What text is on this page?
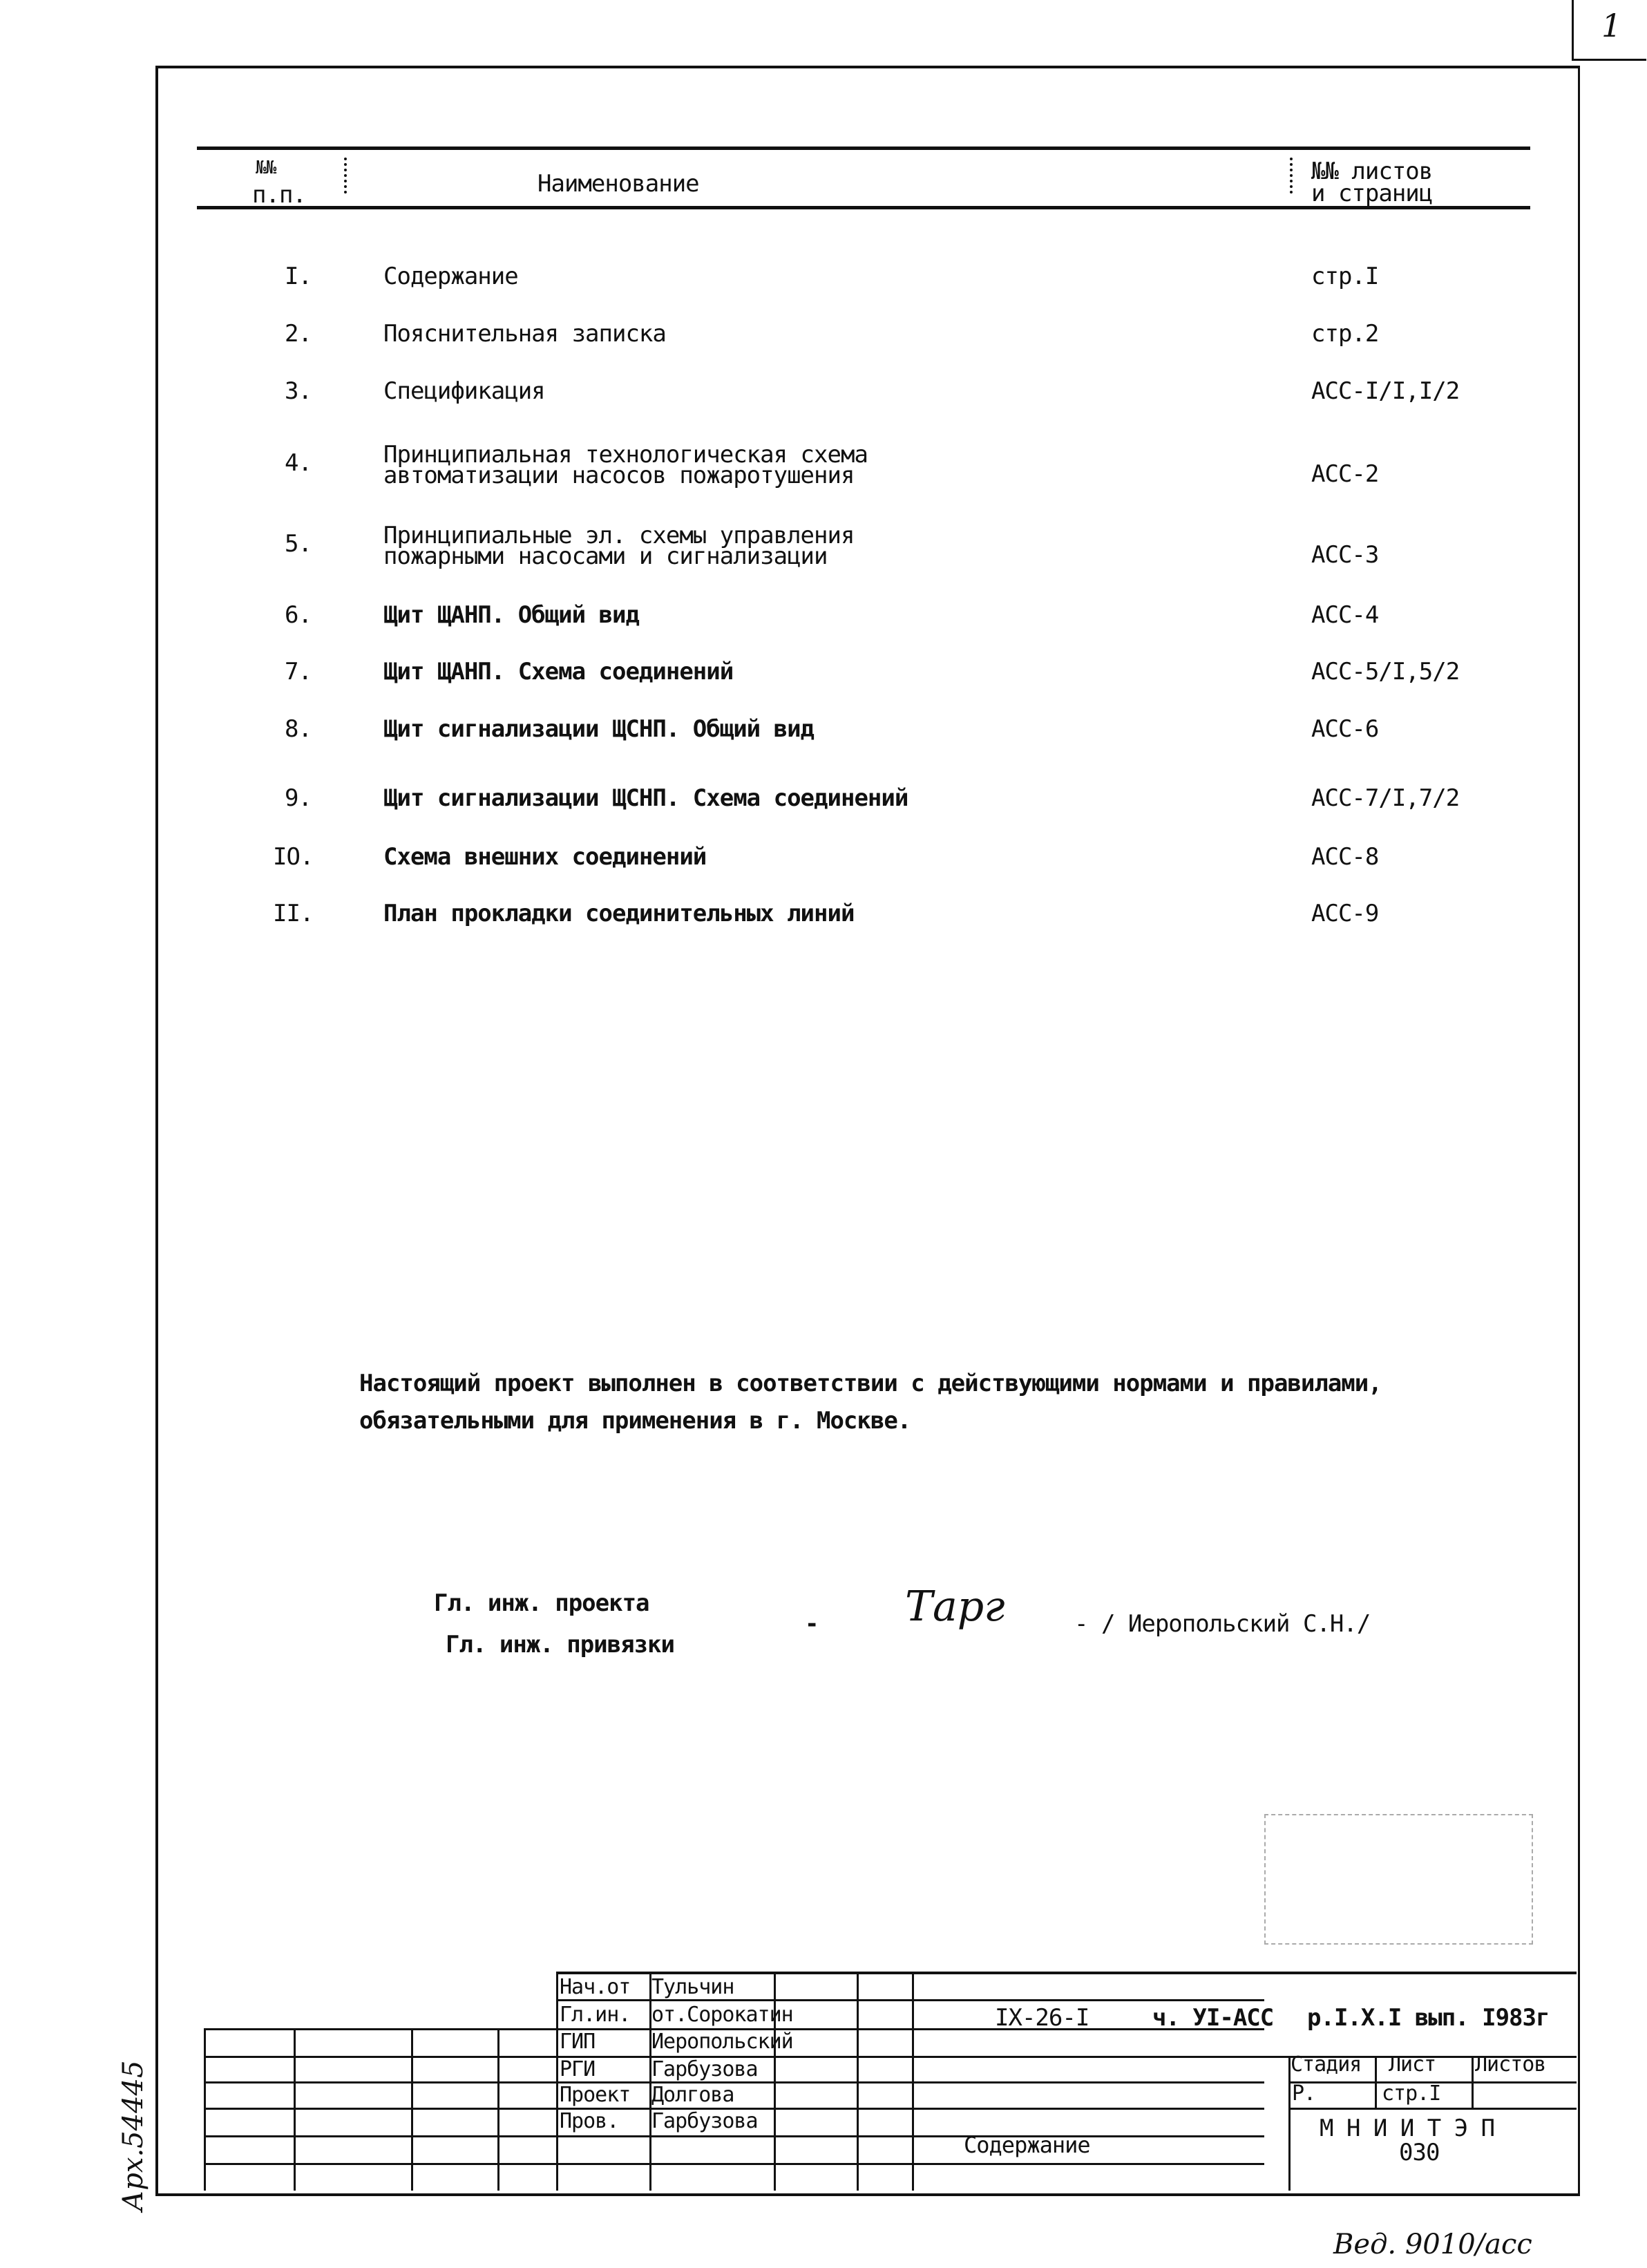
1
№№
п.п.	Наименование	№№ листов
и страниц
I.	Содержание	стр.I
2.	Пояснительная записка	стр.2
3.	Спецификация	АСС-I/I,I/2
4.	Принципиальная технологическая схема
автоматизации насосов пожаротушения	АСС-2
5.	Принципиальные эл. схемы управления
пожарными насосами и сигнализации	АСС-3
6.	Щит ЩАНП. Общий вид	АСС-4
7.	Щит ЩАНП. Схема соединений	АСС-5/I,5/2
8.	Щит сигнализации ЩСНП. Общий вид	АСС-6
9.	Щит сигнализации ЩСНП. Схема соединений	АСС-7/I,7/2
IO.	Схема внешних соединений	АСС-8
II.	План прокладки соединительных линий	АСС-9
Настоящий проект выполнен в соответствии с действующими нормами и правилами,
обязательными для применения в г. Москве.
Гл. инж. проекта
Гл. инж. привязки
- Тарг	- / Иеропольский С.Н./
Нач.от Тульчин
Гл.ин. от.Сорокатин
ГИП	Иеропольский
РГИ	Гарбузова
Проект Долгова
Пров. Гарбузова
IX-26-I	ч. УI-АСС р.I.X.I вып. I983г
Стадия Лист Листов
Р.	стр.I
Содержание
М Н И И Т Э П
030
Арх.54445
Вед. 9010/асс
